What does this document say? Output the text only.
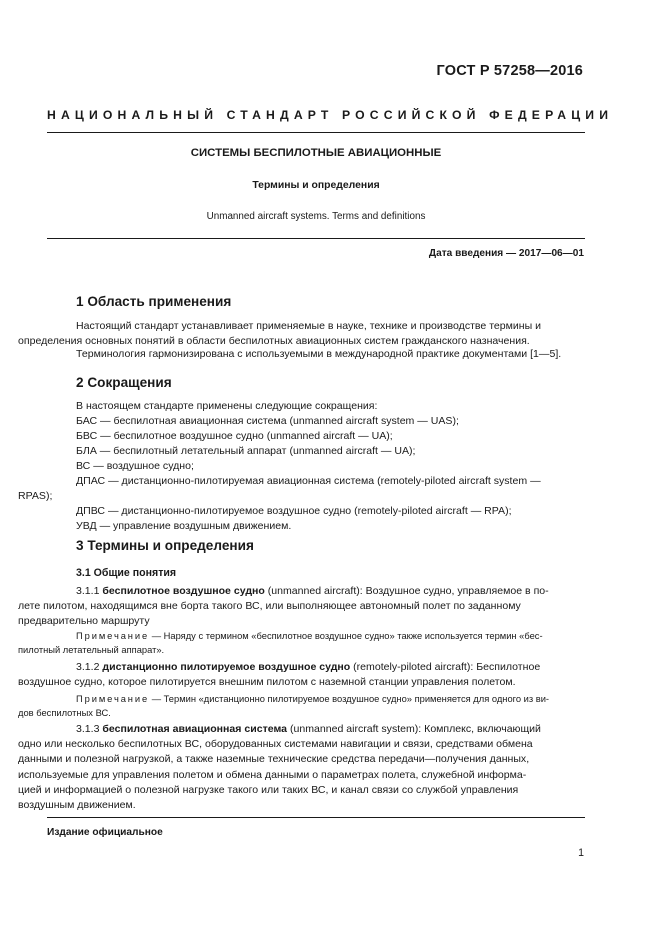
ГОСТ Р 57258—2016
НАЦИОНАЛЬНЫЙ СТАНДАРТ РОССИЙСКОЙ ФЕДЕРАЦИИ
СИСТЕМЫ БЕСПИЛОТНЫЕ АВИАЦИОННЫЕ
Термины и определения
Unmanned aircraft systems. Terms and definitions
Дата введения — 2017—06—01
1 Область применения
Настоящий стандарт устанавливает применяемые в науке, технике и производстве термины и
определения основных понятий в области беспилотных авиационных систем гражданского назначения.
Терминология гармонизирована с используемыми в международной практике документами [1—5].
2 Сокращения
В настоящем стандарте применены следующие сокращения:
БАС — беспилотная авиационная система (unmanned aircraft system — UAS);
БВС — беспилотное воздушное судно (unmanned aircraft — UA);
БЛА — беспилотный летательный аппарат (unmanned aircraft — UA);
ВС — воздушное судно;
ДПАС — дистанционно-пилотируемая авиационная система (remotely-piloted aircraft system —
RPAS);
ДПВС — дистанционно-пилотируемое воздушное судно (remotely-piloted aircraft — RPA);
УВД — управление воздушным движением.
3 Термины и определения
3.1 Общие понятия
3.1.1 беспилотное воздушное судно (unmanned aircraft): Воздушное судно, управляемое в по-
лете пилотом, находящимся вне борта такого ВС, или выполняющее автономный полет по заданному
предварительно маршруту
Примечание — Наряду с термином «беспилотное воздушное судно» также используется термин «бес-
пилотный летательный аппарат».
3.1.2 дистанционно пилотируемое воздушное судно (remotely-piloted aircraft): Беспилотное
воздушное судно, которое пилотируется внешним пилотом с наземной станции управления полетом.
Примечание — Термин «дистанционно пилотируемое воздушное судно» применяется для одного из ви-
дов беспилотных ВС.
3.1.3 беспилотная авиационная система (unmanned aircraft system): Комплекс, включающий
одно или несколько беспилотных ВС, оборудованных системами навигации и связи, средствами обмена
данными и полезной нагрузкой, а также наземные технические средства передачи—получения данных,
используемые для управления полетом и обмена данными о параметрах полета, служебной информа-
цией и информацией о полезной нагрузке такого или таких ВС, и канал связи со службой управления
воздушным движением.
Издание официальное
1
